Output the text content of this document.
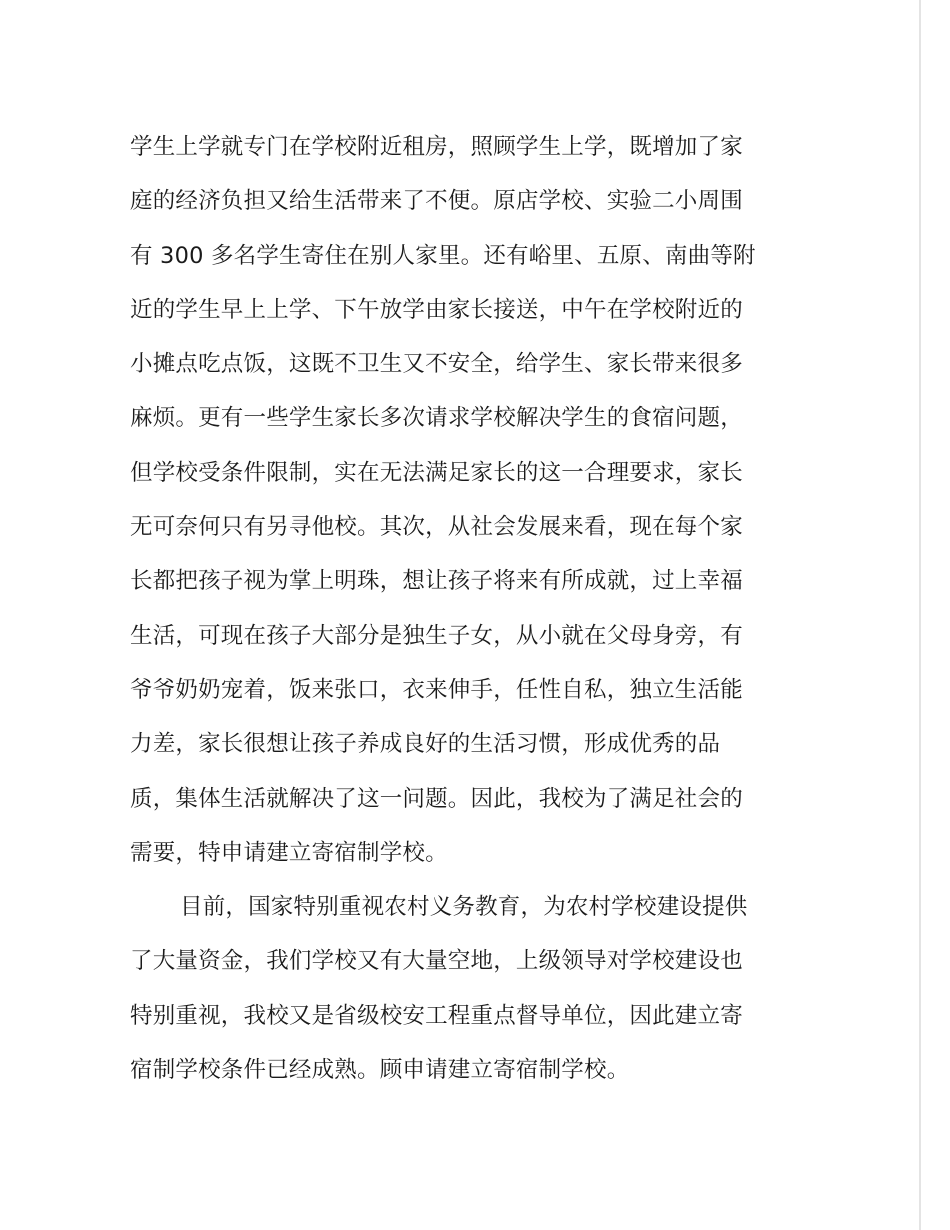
学生上学就专门在学校附近租房，照顾学生上学，既增加了家
庭的经济负担又给生活带来了不便。原店学校、实验二小周围
有 300 多名学生寄住在别人家里。还有峪里、五原、南曲等附
近的学生早上上学、下午放学由家长接送，中午在学校附近的
小摊点吃点饭，这既不卫生又不安全，给学生、家长带来很多
麻烦。更有一些学生家长多次请求学校解决学生的食宿问题，
但学校受条件限制，实在无法满足家长的这一合理要求，家长
无可奈何只有另寻他校。其次，从社会发展来看，现在每个家
长都把孩子视为掌上明珠，想让孩子将来有所成就，过上幸福
生活，可现在孩子大部分是独生子女，从小就在父母身旁，有
爷爷奶奶宠着，饭来张口，衣来伸手，任性自私，独立生活能
力差，家长很想让孩子养成良好的生活习惯，形成优秀的品
质，集体生活就解决了这一问题。因此，我校为了满足社会的
需要，特申请建立寄宿制学校。
目前，国家特别重视农村义务教育，为农村学校建设提供
了大量资金，我们学校又有大量空地，上级领导对学校建设也
特别重视，我校又是省级校安工程重点督导单位，因此建立寄
宿制学校条件已经成熟。顾申请建立寄宿制学校。
